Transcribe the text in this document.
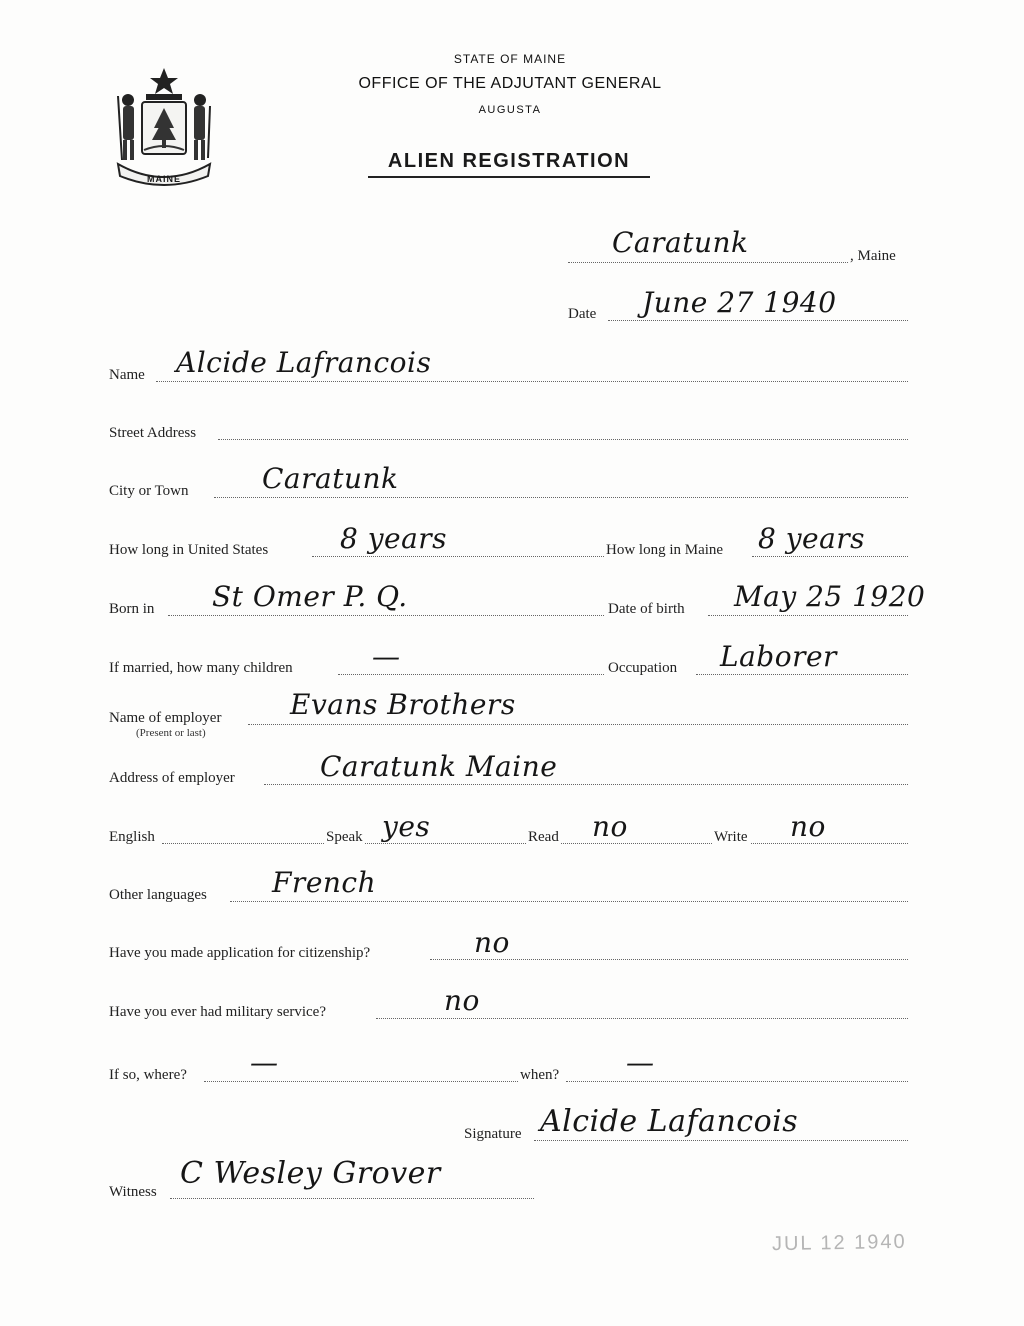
MAINE
STATE OF MAINE
OFFICE OF THE ADJUTANT GENERAL
AUGUSTA
ALIEN REGISTRATION
Caratunk	, Maine
Date June 27 1940
Name Alcide Lafrancois
Street Address
City or Town	Caratunk
How long in United States	8 years	How long in Maine 8 years
Born in St Omer P. Q.	Date of birth May 25 1920
If married, how many children	—	Occupation Laborer
Name of employer
(Present or last)
Evans Brothers
Address of employer	Caratunk Maine
English	Speak yes	Read no	Write no
Other languages French
Have you made application for citizenship?	no
Have you ever had military service?	no
If so, where? —	when? —
Signature Alcide Lafancois
Witness
C Wesley Grover
JUL 12 1940
